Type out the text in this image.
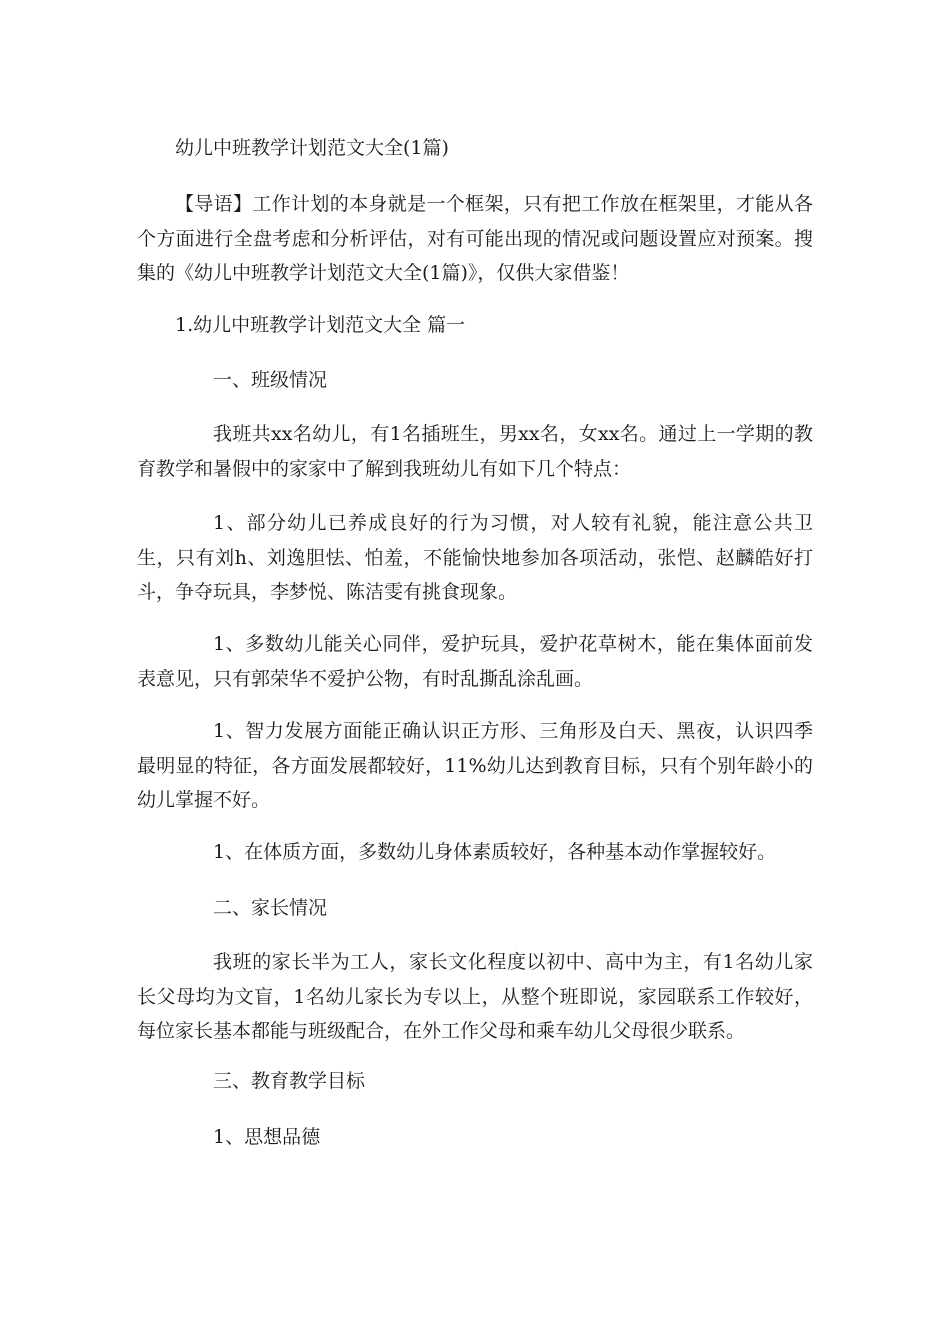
幼儿中班教学计划范文大全(1篇)

【导语】工作计划的本身就是一个框架，只有把工作放在框架里，才能从各个方面进行全盘考虑和分析评估，对有可能出现的情况或问题设置应对预案。搜集的《幼儿中班教学计划范文大全(1篇)》，仅供大家借鉴！

1.幼儿中班教学计划范文大全 篇一
一、班级情况

我班共xx名幼儿，有1名插班生，男xx名，女xx名。通过上一学期的教育教学和暑假中的家家中了解到我班幼儿有如下几个特点：

1、部分幼儿已养成良好的行为习惯，对人较有礼貌，能注意公共卫生，只有刘h、刘逸胆怯、怕羞，不能愉快地参加各项活动，张恺、赵麟皓好打斗，争夺玩具，李梦悦、陈洁雯有挑食现象。

1、多数幼儿能关心同伴，爱护玩具，爱护花草树木，能在集体面前发表意见，只有郭荣华不爱护公物，有时乱撕乱涂乱画。

1、智力发展方面能正确认识正方形、三角形及白天、黑夜，认识四季最明显的特征，各方面发展都较好，11%幼儿达到教育目标，只有个别年龄小的幼儿掌握不好。

1、在体质方面，多数幼儿身体素质较好，各种基本动作掌握较好。

二、家长情况

我班的家长半为工人，家长文化程度以初中、高中为主，有1名幼儿家长父母均为文盲，1名幼儿家长为专以上，从整个班即说，家园联系工作较好，每位家长基本都能与班级配合，在外工作父母和乘车幼儿父母很少联系。

三、教育教学目标
1、思想品德
